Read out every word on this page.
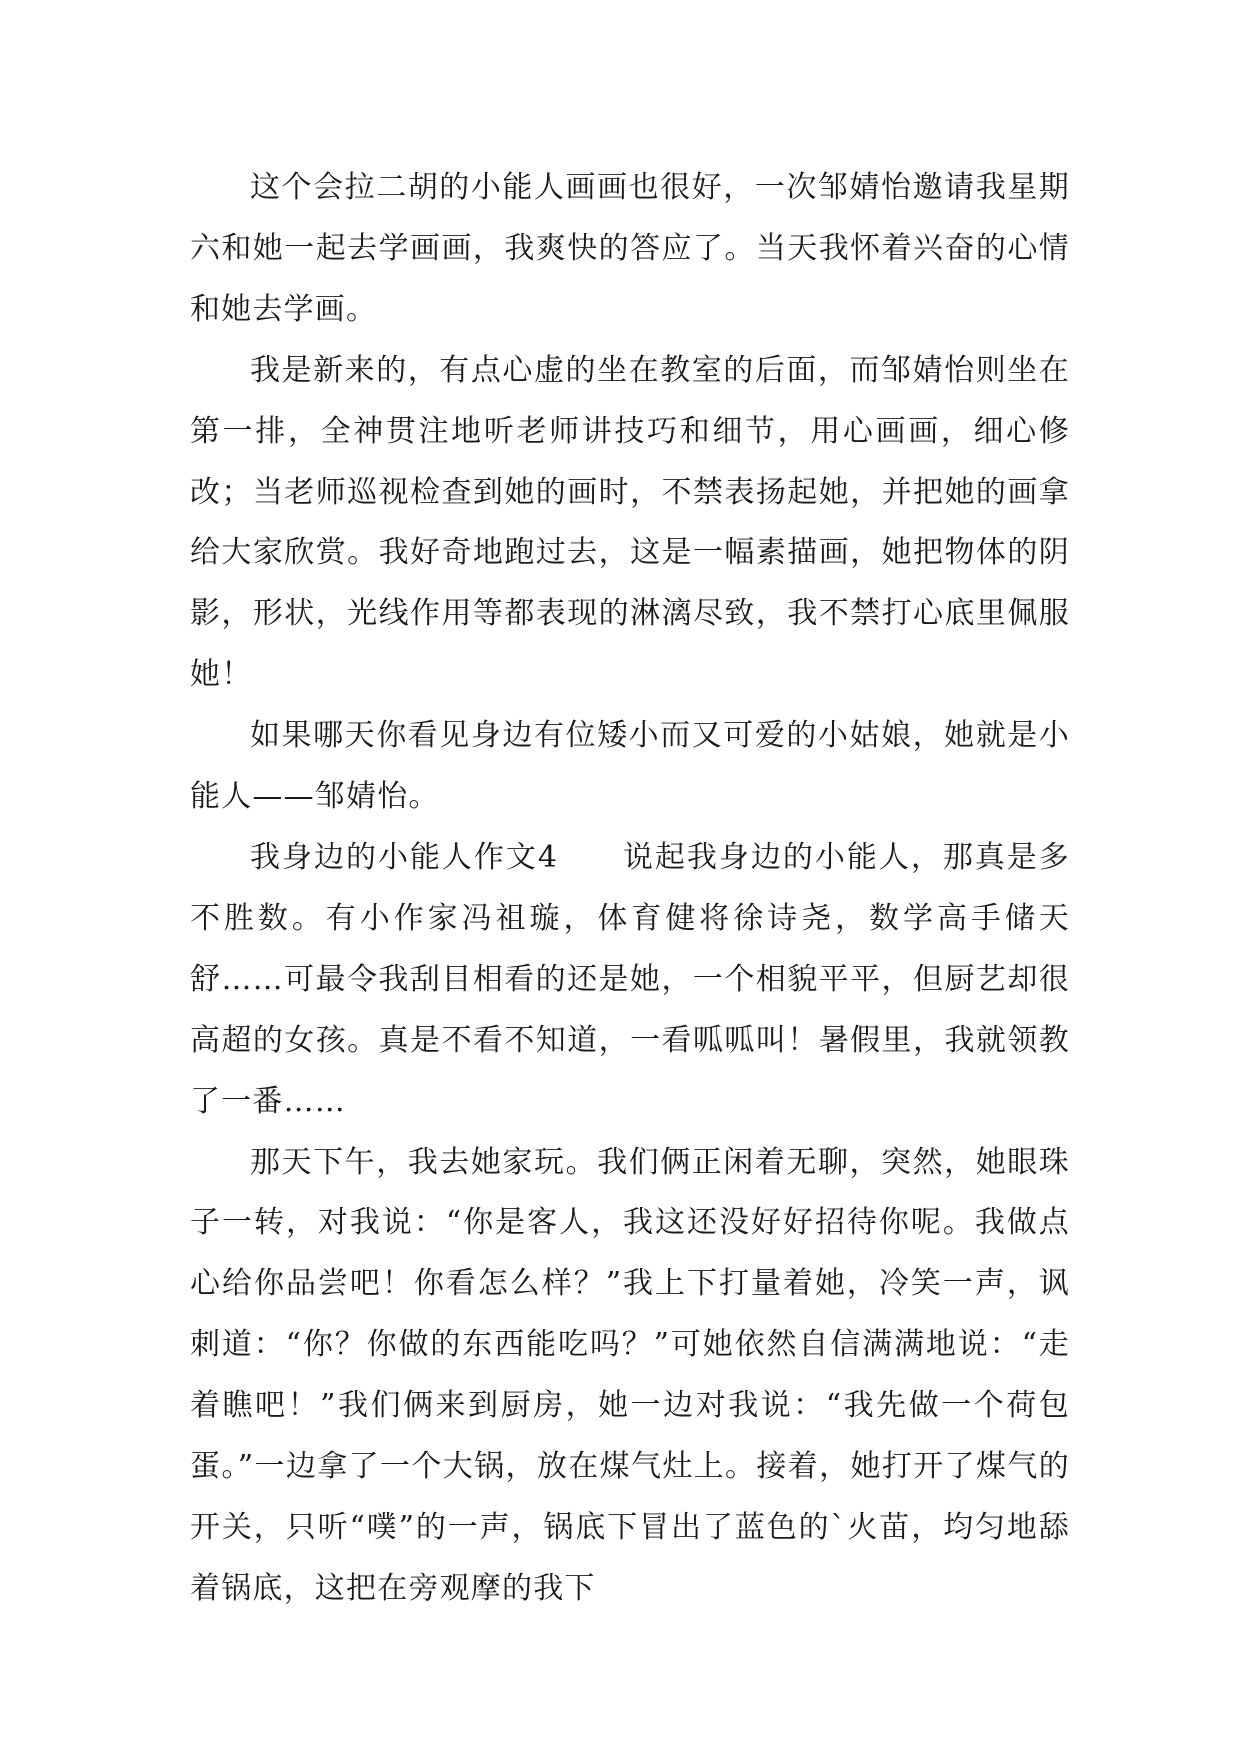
这个会拉二胡的小能人画画也很好，一次邹婧怡邀请我星期六和她一起去学画画，我爽快的答应了。当天我怀着兴奋的心情和她去学画。

我是新来的，有点心虚的坐在教室的后面，而邹婧怡则坐在第一排，全神贯注地听老师讲技巧和细节，用心画画，细心修改；当老师巡视检查到她的画时，不禁表扬起她，并把她的画拿给大家欣赏。我好奇地跑过去，这是一幅素描画，她把物体的阴影，形状，光线作用等都表现的淋漓尽致，我不禁打心底里佩服她！

如果哪天你看见身边有位矮小而又可爱的小姑娘，她就是小能人——邹婧怡。

我身边的小能人作文4　　说起我身边的小能人，那真是多不胜数。有小作家冯祖璇，体育健将徐诗尧，数学高手储天舒……可最令我刮目相看的还是她，一个相貌平平，但厨艺却很高超的女孩。真是不看不知道，一看呱呱叫！暑假里，我就领教了一番……

那天下午，我去她家玩。我们俩正闲着无聊，突然，她眼珠子一转，对我说：“你是客人，我这还没好好招待你呢。我做点心给你品尝吧！你看怎么样？”我上下打量着她，冷笑一声，讽刺道：“你？你做的东西能吃吗？”可她依然自信满满地说：“走着瞧吧！”我们俩来到厨房，她一边对我说：“我先做一个荷包蛋。”一边拿了一个大锅，放在煤气灶上。接着，她打开了煤气的开关，只听“噗”的一声，锅底下冒出了蓝色的`火苗，均匀地舔着锅底，这把在旁观摩的我下
